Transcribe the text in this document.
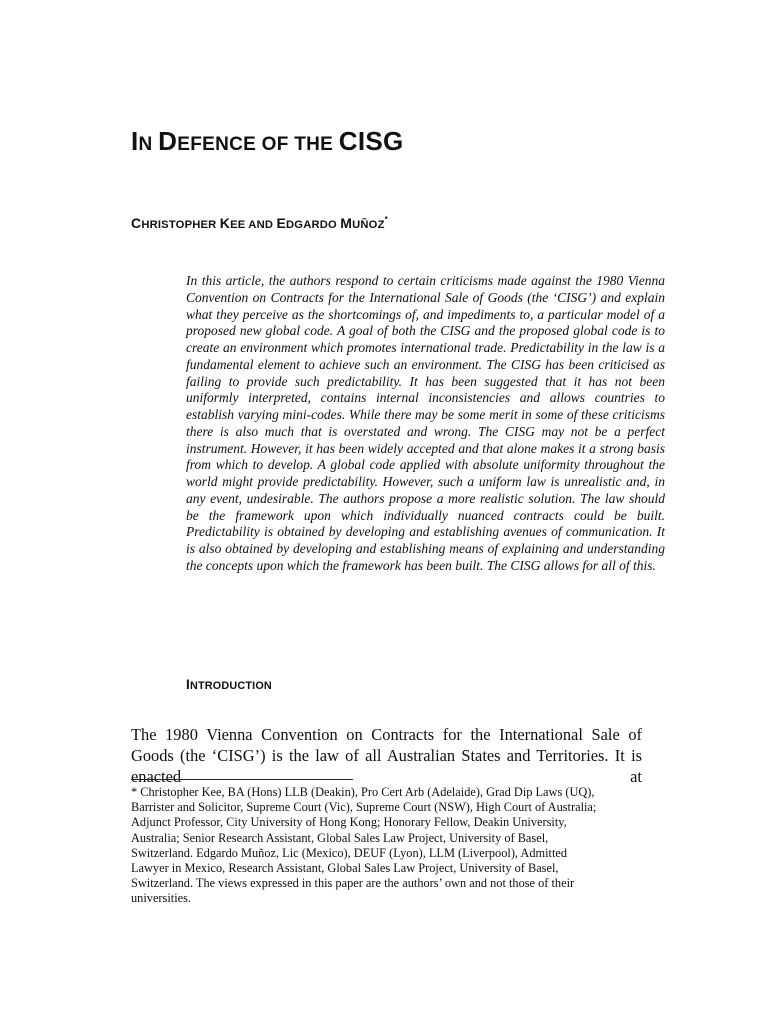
IN DEFENCE OF THE CISG

CHRISTOPHER KEE AND EDGARDO MUÑOZ*

In this article, the authors respond to certain criticisms made against the 1980 Vienna Convention on Contracts for the International Sale of Goods (the ‘CISG’) and explain what they perceive as the shortcomings of, and impediments to, a particular model of a proposed new global code. A goal of both the CISG and the proposed global code is to create an environment which promotes international trade. Predictability in the law is a fundamental element to achieve such an environment. The CISG has been criticised as failing to provide such predictability. It has been suggested that it has not been uniformly interpreted, contains internal inconsistencies and allows countries to establish varying mini-codes. While there may be some merit in some of these criticisms there is also much that is overstated and wrong. The CISG may not be a perfect instrument. However, it has been widely accepted and that alone makes it a strong basis from which to develop. A global code applied with absolute uniformity throughout the world might provide predictability. However, such a uniform law is unrealistic and, in any event, undesirable. The authors propose a more realistic solution. The law should be the framework upon which individually nuanced contracts could be built. Predictability is obtained by developing and establishing avenues of communication. It is also obtained by developing and establishing means of explaining and understanding the concepts upon which the framework has been built. The CISG allows for all of this.

INTRODUCTION

The 1980 Vienna Convention on Contracts for the International Sale of Goods (the ‘CISG’) is the law of all Australian States and Territories. It is enacted at

* Christopher Kee, BA (Hons) LLB (Deakin), Pro Cert Arb (Adelaide), Grad Dip Laws (UQ),
Barrister and Solicitor, Supreme Court (Vic), Supreme Court (NSW), High Court of Australia;
Adjunct Professor, City University of Hong Kong; Honorary Fellow, Deakin University,
Australia; Senior Research Assistant, Global Sales Law Project, University of Basel,
Switzerland. Edgardo Muñoz, Lic (Mexico), DEUF (Lyon), LLM (Liverpool), Admitted
Lawyer in Mexico, Research Assistant, Global Sales Law Project, University of Basel,
Switzerland. The views expressed in this paper are the authors’ own and not those of their
universities.
